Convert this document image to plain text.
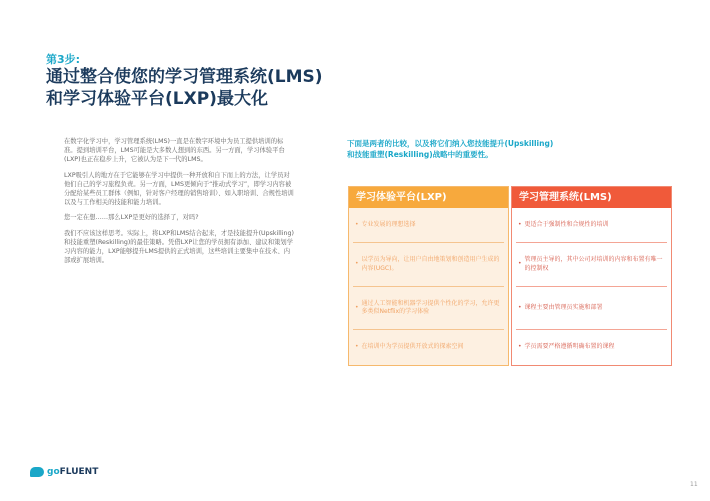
第3步:
通过整合使您的学习管理系统(LMS)
和学习体验平台(LXP)最大化

在数字化学习中，学习管理系统(LMS)一直是在数字环境中为员工提供培训的标准。提到培训平台，LMS可能是大多数人想到的东西。另一方面，学习体验平台(LXP)也正在稳步上升，它被认为是下一代的LMS。

LXP吸引人的地方在于它能够在学习中提供一种开放和自下而上的方法，让学员对他们自己的学习旅程负责。另一方面，LMS更倾向于“推动式学习”，即学习内容被分配给某些员工群体（例如，针对客户经理的销售培训）、如入职培训、合规性培训以及与工作相关的技能和能力培训。

您一定在想……那么LXP是更好的选择了，对吗?

我们不应该这样思考。实际上，将LXP和LMS结合起来，才是技能提升(Upskilling)和技能重塑(Reskilling)的最佳策略。凭借LXP让您的学员拥有添加、建议和策划学习内容的能力，LXP能够提升LMS提供的正式培训，这些培训主要集中在技术、内部或扩展培训。

下面是两者的比较，以及将它们纳入您技能提升(Upskilling)
和技能重塑(Reskilling)战略中的重要性。
学习体验平台(LXP)
• 专业发展的理想选择
•
以学员为导向，让用户自由地策划和创造用户生成的内容(UGC)。
•
通过人工智能和机器学习提供个性化的学习，允许更多类似Netflix的学习体验
• 在培训中为学员提供开放式的探索空间
学习管理系统(LMS)
• 更适合于强制性和合规性的培训
•
管理员主导的，其中公司对培训的内容和布置有唯一的控制权
• 课程主要由管理员实施和部署
• 学员需要严格遵循明确布置的课程
goFLUENT
11
